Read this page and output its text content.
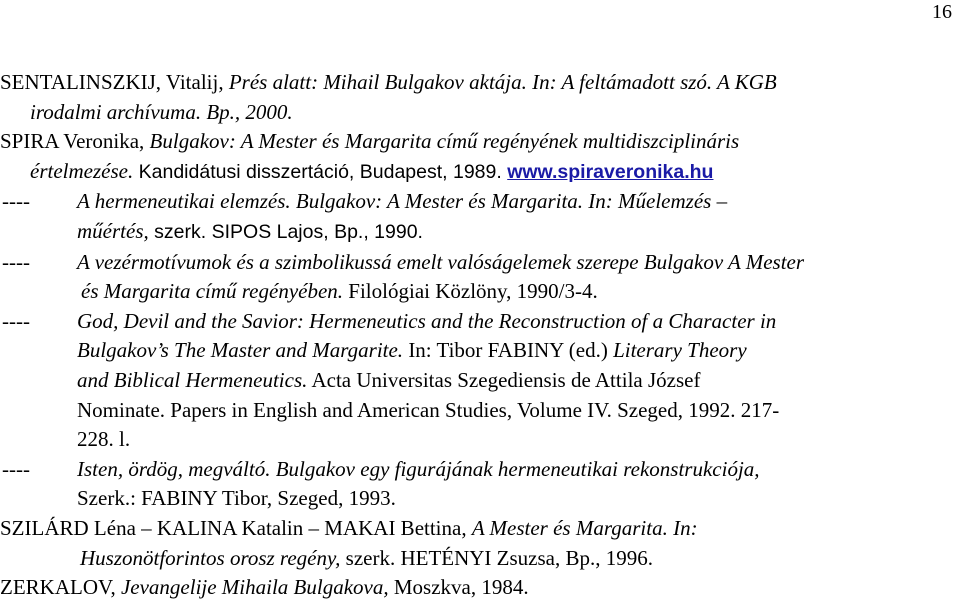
16
SENTALINSZKIJ, Vitalij, Prés alatt: Mihail Bulgakov aktája. In: A feltámadott szó. A KGB
irodalmi archívuma. Bp., 2000.
SPIRA Veronika, Bulgakov: A Mester és Margarita című regényének multidiszciplináris
értelmezése. Kandidátusi disszertáció, Budapest, 1989. www.spiraveronika.hu
----	A hermeneutikai elemzés. Bulgakov: A Mester és Margarita. In: Műelemzés –
műértés, szerk. SIPOS Lajos, Bp., 1990.
----	A vezérmotívumok és a szimbolikussá emelt valóságelemek szerepe Bulgakov A Mester
és Margarita című regényében. Filológiai Közlöny, 1990/3-4.
----	God, Devil and the Savior: Hermeneutics and the Reconstruction of a Character in
Bulgakov’s The Master and Margarite. In: Tibor FABINY (ed.) Literary Theory
and Biblical Hermeneutics. Acta Universitas Szegediensis de Attila József
Nominate. Papers in English and American Studies, Volume IV. Szeged, 1992. 217-
228. l.
----	Isten, ördög, megváltó. Bulgakov egy figurájának hermeneutikai rekonstrukciója,
Szerk.: FABINY Tibor, Szeged, 1993.
SZILÁRD Léna – KALINA Katalin – MAKAI Bettina, A Mester és Margarita. In:
Huszonötforintos orosz regény, szerk. HETÉNYI Zsuzsa, Bp., 1996.
ZERKALOV, Jevangelije Mihaila Bulgakova, Moszkva, 1984.
